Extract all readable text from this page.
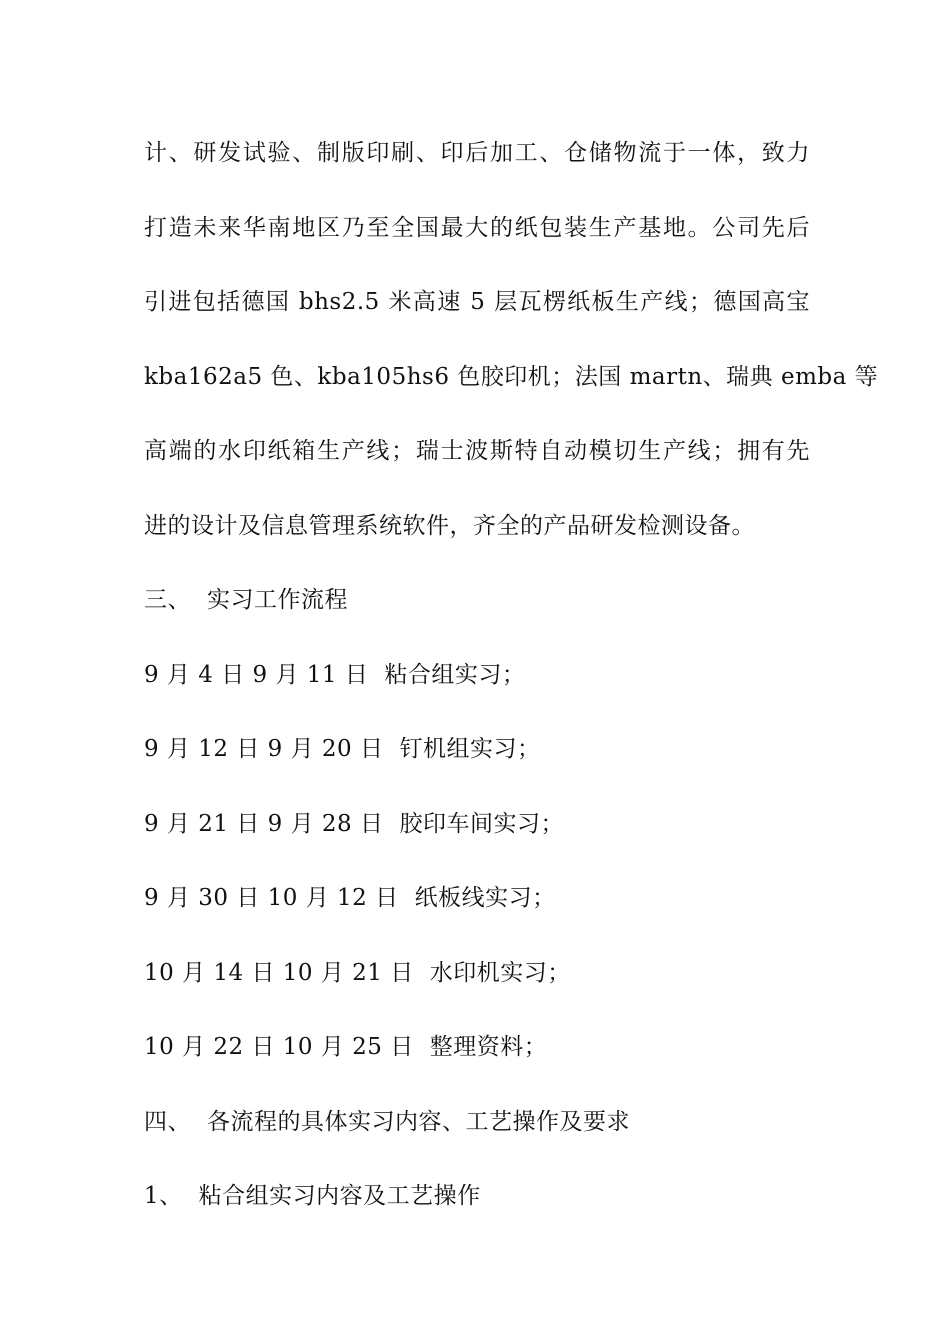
计、研发试验、制版印刷、印后加工、仓储物流于一体，致力
打造未来华南地区乃至全国最大的纸包装生产基地。公司先后
引进包括德国 bhs2.5 米高速 5 层瓦楞纸板生产线；德国高宝
kba162a5 色、kba105hs6 色胶印机；法国 martn、瑞典 emba 等
高端的水印纸箱生产线；瑞士波斯特自动模切生产线；拥有先
进的设计及信息管理系统软件，齐全的产品研发检测设备。
三、 实习工作流程
9 月 4 日 9 月 11 日 粘合组实习；
9 月 12 日 9 月 20 日 钉机组实习；
9 月 21 日 9 月 28 日 胶印车间实习；
9 月 30 日 10 月 12 日 纸板线实习；
10 月 14 日 10 月 21 日 水印机实习；
10 月 22 日 10 月 25 日 整理资料；
四、 各流程的具体实习内容、工艺操作及要求
1、 粘合组实习内容及工艺操作
